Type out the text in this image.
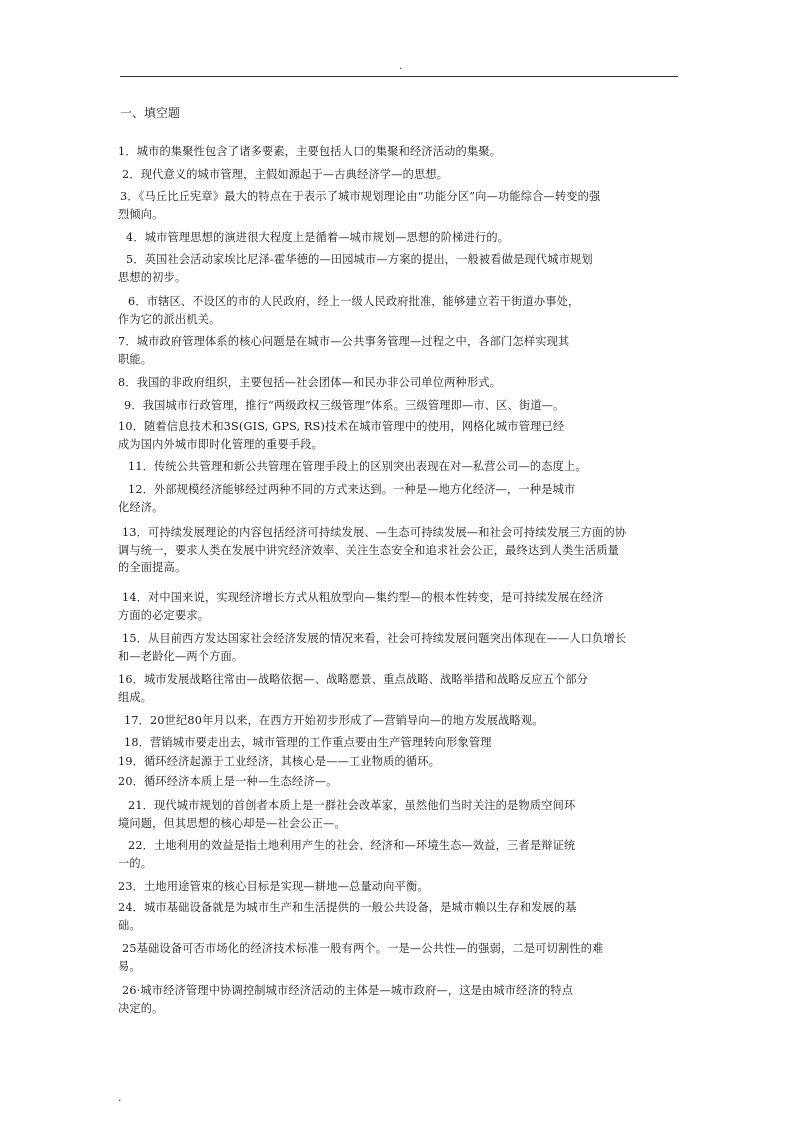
.
一、填空题
1．城市的集聚性包含了诸多要素，主要包括人口的集聚和经济活动的集聚。
2．现代意义的城市管理，主假如源起于—古典经济学—的思想。
3．《马丘比丘宪章》最大的特点在于表示了城市规划理论由“功能分区”向—功能综合—转变的强
烈倾向。
4．城市管理思想的演进很大程度上是循着—城市规划—思想的阶梯进行的。
5．英国社会活动家埃比尼泽-霍华德的—田园城市—方案的提出，一般被看做是现代城市规划
思想的初步。
6．市辖区、不设区的市的人民政府，经上一级人民政府批准，能够建立若干街道办事处，
作为它的派出机关。
7．城市政府管理体系的核心问题是在城市—公共事务管理—过程之中，各部门怎样实现其
职能。
8．我国的非政府组织，主要包括—社会团体—和民办非公司单位两种形式。
9．我国城市行政管理，推行“两级政权三级管理”体系。三级管理即—市、区、街道—。
10．随着信息技术和3S(GIS, GPS, RS)技术在城市管理中的使用，网格化城市管理已经
成为国内外城市即时化管理的重要手段。
11．传统公共管理和新公共管理在管理手段上的区别突出表现在对—私营公司—的态度上。
12．外部规模经济能够经过两种不同的方式来达到。一种是—地方化经济—，一种是城市
化经济。
13．可持续发展理论的内容包括经济可持续发展、—生态可持续发展—和社会可持续发展三方面的协
调与统一，要求人类在发展中讲究经济效率、关注生态安全和追求社会公正，最终达到人类生活质量
的全面提高。
14．对中国来说，实现经济增长方式从粗放型向—集约型—的根本性转变，是可持续发展在经济
方面的必定要求。
15．从目前西方发达国家社会经济发展的情况来看，社会可持续发展问题突出体现在——人口负增长
和—老龄化—两个方面。
16．城市发展战略往常由—战略依据—、战略愿景、重点战略、战略举措和战略反应五个部分
组成。
17．20世纪80年月以来，在西方开始初步形成了—营销导向—的地方发展战略观。
18．营销城市要走出去，城市管理的工作重点要由生产管理转向形象管理
19．循环经济起源于工业经济，其核心是——工业物质的循环。
20．循环经济本质上是一种—生态经济—。
21．现代城市规划的首创者本质上是一群社会改革家，虽然他们当时关注的是物质空间环
境问题，但其思想的核心却是—社会公正—。
22．土地利用的效益是指土地利用产生的社会、经济和—环境生态—效益，三者是辩证统
一的。
23．土地用途管束的核心目标是实现—耕地—总量动向平衡。
24．城市基础设备就是为城市生产和生活提供的一般公共设备，是城市赖以生存和发展的基
础。
25基础设备可否市场化的经济技术标准一般有两个。一是—公共性—的强弱，二是可切割性的难
易。
26·城市经济管理中协调控制城市经济活动的主体是—城市政府—，这是由城市经济的特点
决定的。
.
